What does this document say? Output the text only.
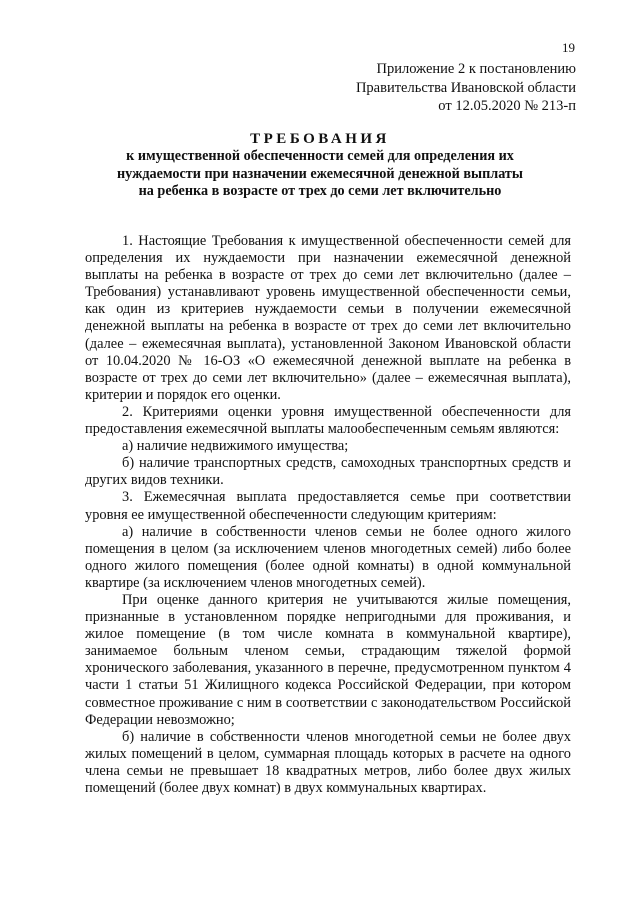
19
Приложение 2 к постановлению
Правительства Ивановской области
от 12.05.2020 № 213-п
ТРЕБОВАНИЯ
к имущественной обеспеченности семей для определения их
нуждаемости при назначении ежемесячной денежной выплаты
на ребенка в возрасте от трех до семи лет включительно

1. Настоящие Требования к имущественной обеспеченности семей для определения их нуждаемости при назначении ежемесячной денежной выплаты на ребенка в возрасте от трех до семи лет включительно (далее – Требования) устанавливают уровень имущественной обеспеченности семьи, как один из критериев нуждаемости семьи в получении ежемесячной денежной выплаты на ребенка в возрасте от трех до семи лет включительно (далее – ежемесячная выплата), установленной Законом Ивановской области от 10.04.2020 № 16-ОЗ «О ежемесячной денежной выплате на ребенка в возрасте от трех до семи лет включительно» (далее – ежемесячная выплата), критерии и порядок его оценки.

2. Критериями оценки уровня имущественной обеспеченности для предоставления ежемесячной выплаты малообеспеченным семьям являются:

а) наличие недвижимого имущества;

б) наличие транспортных средств, самоходных транспортных средств и других видов техники.

3. Ежемесячная выплата предоставляется семье при соответствии уровня ее имущественной обеспеченности следующим критериям:

а) наличие в собственности членов семьи не более одного жилого помещения в целом (за исключением членов многодетных семей) либо более одного жилого помещения (более одной комнаты) в одной коммунальной квартире (за исключением членов многодетных семей).

При оценке данного критерия не учитываются жилые помещения, признанные в установленном порядке непригодными для проживания, и жилое помещение (в том числе комната в коммунальной квартире), занимаемое больным членом семьи, страдающим тяжелой формой хронического заболевания, указанного в перечне, предусмотренном пунктом 4 части 1 статьи 51 Жилищного кодекса Российской Федерации, при котором совместное проживание с ним в соответствии с законодательством Российской Федерации невозможно;

б) наличие в собственности членов многодетной семьи не более двух жилых помещений в целом, суммарная площадь которых в расчете на одного члена семьи не превышает 18 квадратных метров, либо более двух жилых помещений (более двух комнат) в двух коммунальных квартирах.
